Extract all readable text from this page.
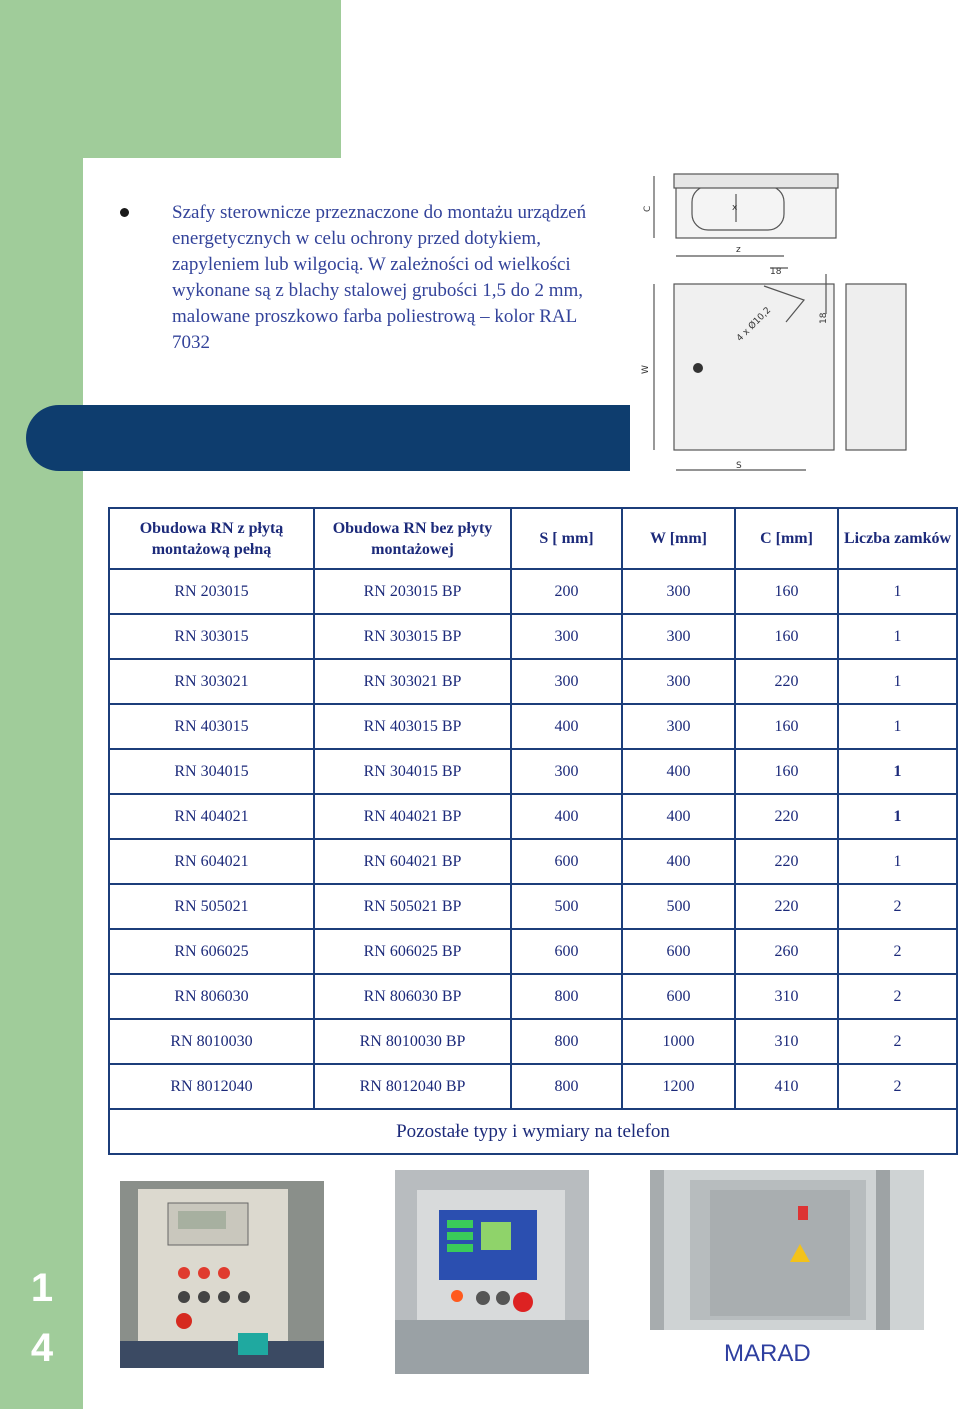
1
4
Szafy sterownicze przeznaczone do montażu urządzeń energetycznych w celu ochrony przed dotykiem, zapyleniem lub wilgocią. W zależności od wielkości wykonane są z blachy stalowej grubości 1,5 do 2 mm, malowane proszkowo farba poliestrową – kolor RAL 7032
C	x
z
18
18
4 x Ø10,2
W
S
Obudowa RN z płytą montażową pełną	Obudowa RN bez płyty montażowej	S [ mm]	W [mm]	C [mm]	Liczba zamków
RN 203015	RN 203015 BP	200	300	160	1
RN 303015	RN 303015 BP	300	300	160	1
RN 303021	RN 303021 BP	300	300	220	1
RN 403015	RN 403015 BP	400	300	160	1
RN 304015	RN 304015 BP	300	400	160	1
RN 404021	RN 404021 BP	400	400	220	1
RN 604021	RN 604021 BP	600	400	220	1
RN 505021	RN 505021 BP	500	500	220	2
RN 606025	RN 606025 BP	600	600	260	2
RN 806030	RN 806030 BP	800	600	310	2
RN 8010030	RN 8010030 BP	800	1000	310	2
RN 8012040	RN 8012040 BP	800	1200	410	2
Pozostałe typy i wymiary na telefon					
MARAD
